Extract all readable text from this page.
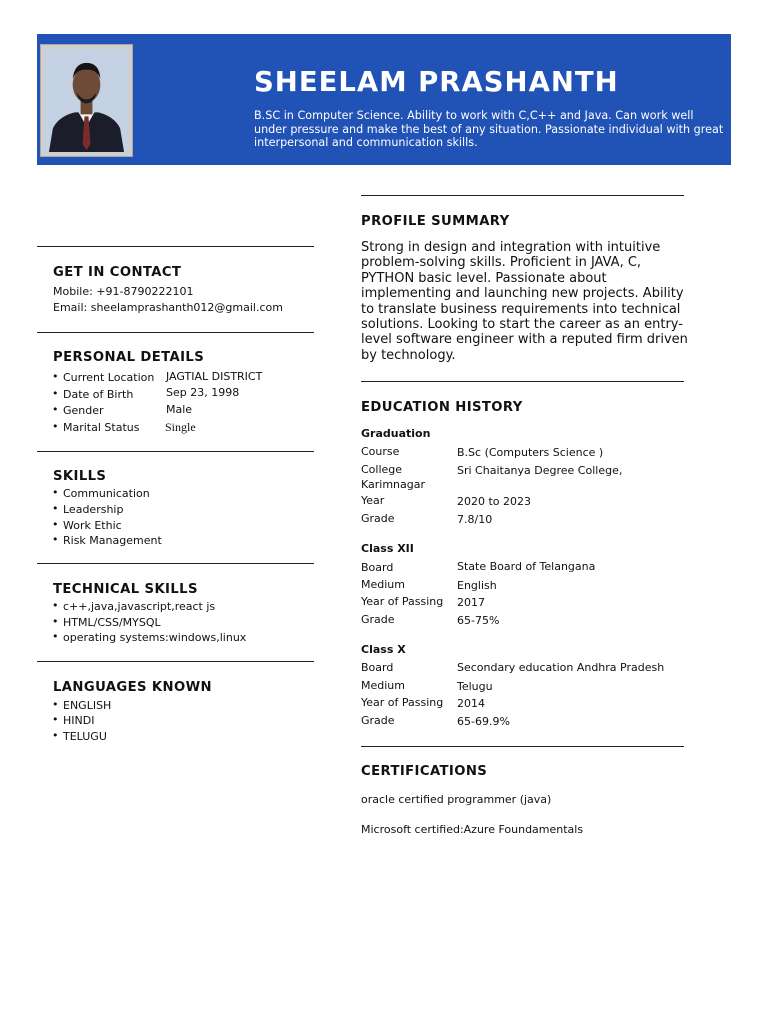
SHEELAM PRASHANTH
B.SC in Computer Science. Ability to work with C,C++ and Java. Can work well under pressure and make the best of any situation. Passionate individual with great interpersonal and communication skills.
GET IN CONTACT
Mobile: +91-8790222101
Email: sheelamprashanth012@gmail.com
PERSONAL DETAILS
• Current Location JAGTIAL DISTRICT
• Date of Birth	Sep 23, 1998
• Gender	Male
• Marital Status Single
SKILLS
• Communication
• Leadership
• Work Ethic
• Risk Management
TECHNICAL SKILLS
• c++,java,javascript,react js
• HTML/CSS/MYSQL
• operating systems:windows,linux
LANGUAGES KNOWN
• ENGLISH
• HINDI
• TELUGU
PROFILE SUMMARY
Strong in design and integration with intuitive problem-solving skills. Proficient in JAVA, C, PYTHON basic level. Passionate about implementing and launching new projects. Ability to translate business requirements into technical solutions. Looking to start the career as an entry-level software engineer with a reputed firm driven by technology.
EDUCATION HISTORY
Graduation
Course	B.Sc (Computers Science )
College	Sri Chaitanya Degree College,
Karimnagar
Year	2020 to 2023
Grade	7.8/10
Class XII
Board	State Board of Telangana
Medium	English
Year of Passing 2017
Grade	65-75%
Class X
Board	Secondary education Andhra Pradesh
Medium	Telugu
Year of Passing 2014
Grade	65-69.9%
CERTIFICATIONS
oracle certified programmer (java)
Microsoft certified:Azure Foundamentals
